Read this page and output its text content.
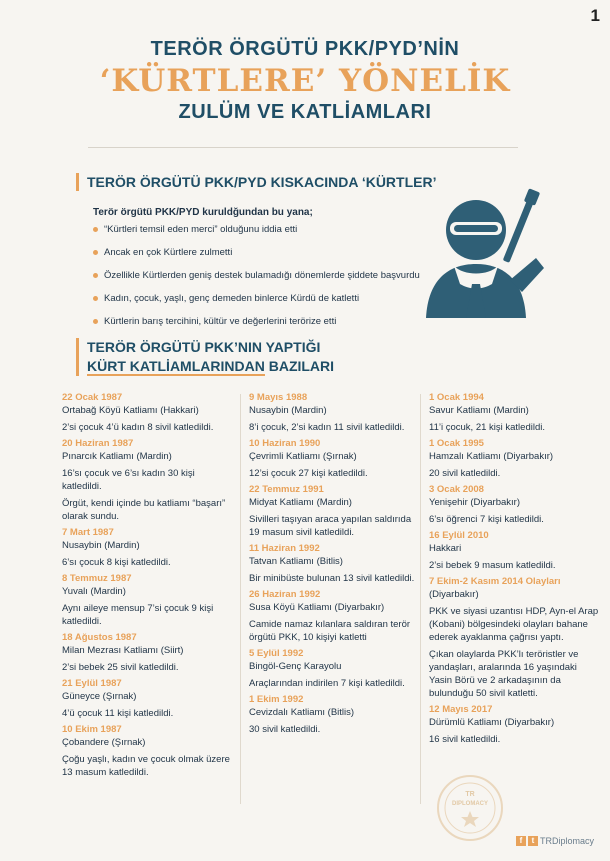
1
TERÖR ÖRGÜTÜ PKK/PYD’NİN
‘KÜRTLERE’ YÖNELİK
ZULÜM VE KATLİAMLARI
TERÖR ÖRGÜTÜ PKK/PYD KISKACINDA ‘KÜRTLER’
Terör örgütü PKK/PYD kuruldğundan bu yana;
“Kürtleri temsil eden merci” olduğunu iddia etti
Ancak en çok Kürtlere zulmetti
Özellikle Kürtlerden geniş destek bulamadığı dönemlerde şiddete başvurdu
Kadın, çocuk, yaşlı, genç demeden binlerce Kürdü de katletti
Kürtlerin barış tercihini, kültür ve değerlerini terörize etti
TERÖR ÖRGÜTÜ PKK’NIN YAPTIĞI
KÜRT KATLİAMLARINDAN BAZILARI
22 Ocak 1987
Ortabağ Köyü Katliamı (Hakkari)
2’si çocuk 4’ü kadın 8 sivil katledildi.
20 Haziran 1987
Pınarcık Katliamı (Mardin)
16’sı çocuk ve 6’sı kadın 30 kişi katledildi.
Örgüt, kendi içinde bu katliamı “başarı” olarak sundu.
7 Mart 1987
Nusaybin (Mardin)
6’sı çocuk 8 kişi katledildi.
8 Temmuz 1987
Yuvalı (Mardin)
Aynı aileye mensup 7’si çocuk 9 kişi katledildi.
18 Ağustos 1987
Milan Mezrası Katliamı (Siirt)
2’si bebek 25 sivil katledildi.
21 Eylül 1987
Güneyce (Şırnak)
4’ü çocuk 11 kişi katledildi.
10 Ekim 1987
Çobandere (Şırnak)
Çoğu yaşlı, kadın ve çocuk olmak üzere 13 masum katledildi.
9 Mayıs 1988
Nusaybin (Mardin)
8’i çocuk, 2’si kadın 11 sivil katledildi.
10 Haziran 1990
Çevrimli Katliamı (Şırnak)
12’si çocuk 27 kişi katledildi.
22 Temmuz 1991
Midyat Katliamı (Mardin)
Sivilleri taşıyan araca yapılan saldırıda 19 masum sivil katledildi.
11 Haziran 1992
Tatvan Katliamı (Bitlis)
Bir minibüste bulunan 13 sivil katledildi.
26 Haziran 1992
Susa Köyü Katliamı (Diyarbakır)
Camide namaz kılanlara saldıran terör örgütü PKK, 10 kişiyi katletti
5 Eylül 1992
Bingöl-Genç Karayolu
Araçlarından indirilen 7 kişi katledildi.
1 Ekim 1992
Cevizdalı Katliamı (Bitlis)
30 sivil katledildi.
1 Ocak 1994
Savur Katliamı (Mardin)
11’i çocuk, 21 kişi katledildi.
1 Ocak 1995
Hamzalı Katliamı (Diyarbakır)
20 sivil katledildi.
3 Ocak 2008
Yenişehir (Diyarbakır)
6’sı öğrenci 7 kişi katledildi.
16 Eylül 2010
Hakkari
2’si bebek 9 masum katledildi.
7 Ekim-2 Kasım 2014 Olayları
(Diyarbakır)
PKK ve siyasi uzantısı HDP, Ayn-el Arap (Kobani) bölgesindeki olayları bahane ederek ayaklanma çağrısı yaptı.
Çıkan olaylarda PKK’lı teröristler ve yandaşları, aralarında 16 yaşındaki Yasin Börü ve 2 arkadaşının da bulunduğu 50 sivil katletti.
12 Mayıs 2017
Dürümlü Katliamı (Diyarbakır)
16 sivil katledildi.
TR
DIPLOMACY
f	t TRDiplomacy
